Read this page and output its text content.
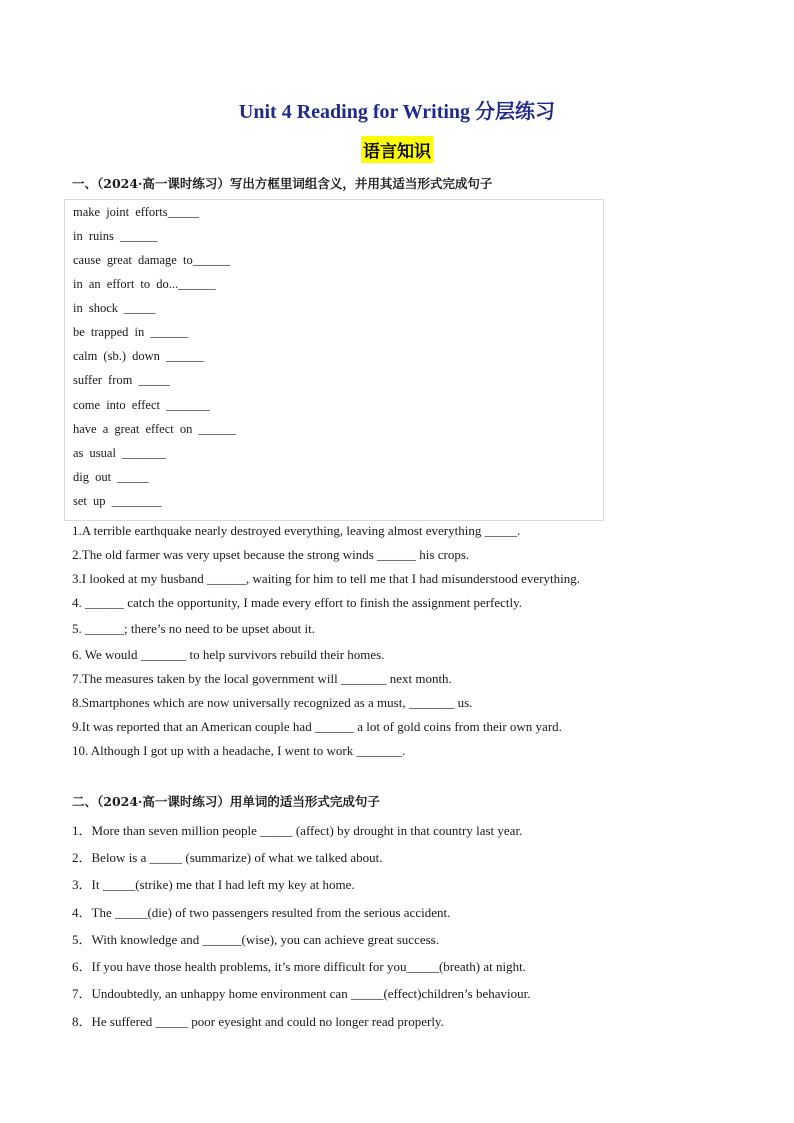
Unit 4 Reading for Writing 分层练习
语言知识
一、（2024·高一课时练习）写出方框里词组含义，并用其适当形式完成句子
make joint efforts_____
in ruins ______
cause great damage to______
in an effort to do...______
in shock _____
be trapped in ______
calm (sb.) down ______
suffer from _____
come into effect _______
have a great effect on ______
as usual _______
dig out _____
set up ________
1.A terrible earthquake nearly destroyed everything, leaving almost everything _____.
2.The old farmer was very upset because the strong winds ______ his crops.
3.I looked at my husband ______, waiting for him to tell me that I had misunderstood everything.
4. ______ catch the opportunity, I made every effort to finish the assignment perfectly.
5. ______; there’s no need to be upset about it.
6. We would _______ to help survivors rebuild their homes.
7.The measures taken by the local government will _______ next month.
8.Smartphones which are now universally recognized as a must, _______ us.
9.It was reported that an American couple had ______ a lot of gold coins from their own yard.
10. Although I got up with a headache, I went to work _______.
二、（2024·高一课时练习）用单词的适当形式完成句子
1．More than seven million people _____ (affect) by drought in that country last year.
2．Below is a _____ (summarize) of what we talked about.
3．It _____(strike) me that I had left my key at home.
4．The _____(die) of two passengers resulted from the serious accident.
5．With knowledge and ______(wise), you can achieve great success.
6．If you have those health problems, it’s more difficult for you_____(breath) at night.
7．Undoubtedly, an unhappy home environment can _____(effect)children’s behaviour.
8．He suffered _____ poor eyesight and could no longer read properly.
